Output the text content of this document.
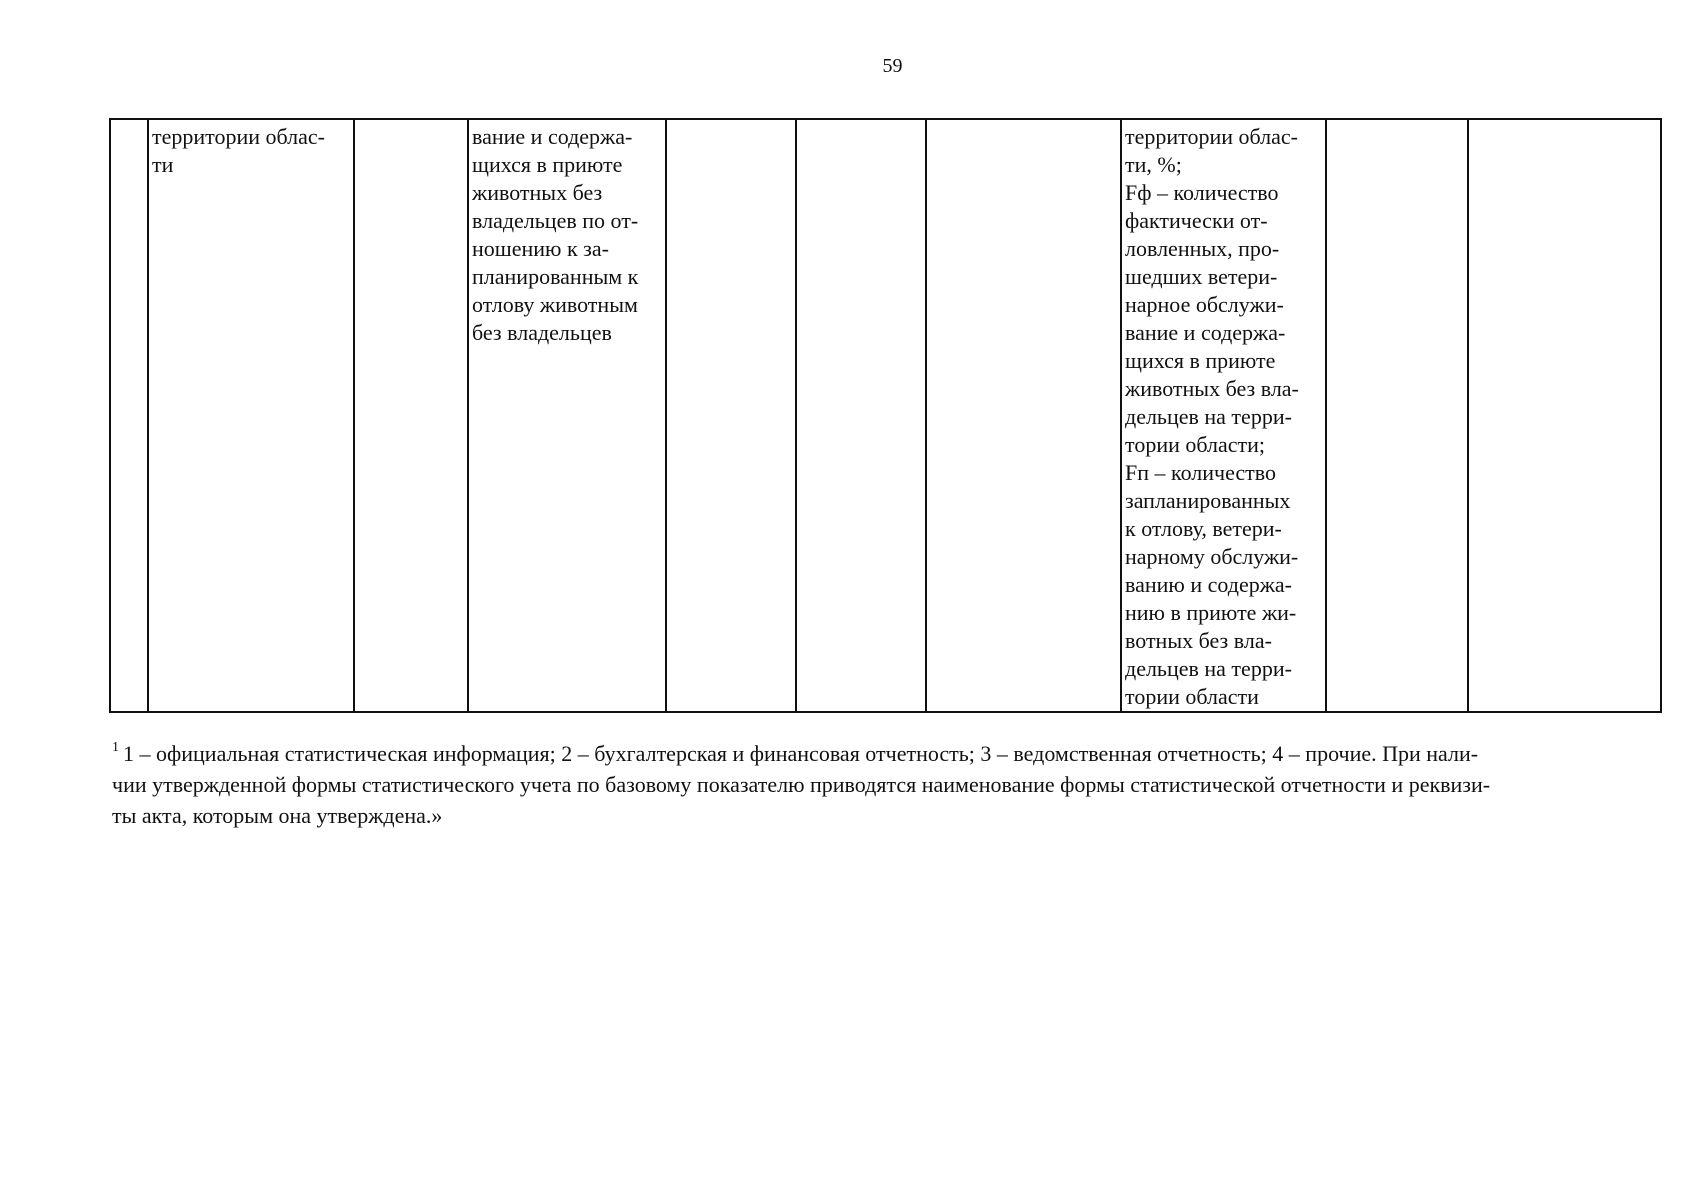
59
	территории облас-
ти		вание и содержа-
щихся в приюте
животных без
владельцев по от-
ношению к за-
планированным к
отлову животным
без владельцев				территории облас-
ти, %;
Fф – количество
фактически от-
ловленных, про-
шедших ветери-
нарное обслужи-
вание и содержа-
щихся в приюте
животных без вла-
дельцев на терри-
тории области;
Fп – количество
запланированных
к отлову, ветери-
нарному обслужи-
ванию и содержа-
нию в приюте жи-
вотных без вла-
дельцев на терри-
тории области		
$^1$ 1 – официальная статистическая информация; 2 – бухгалтерская и финансовая отчетность; 3 – ведомственная отчетность; 4 – прочие. При нали-
чии утвержденной формы статистического учета по базовому показателю приводятся наименование формы статистической отчетности и реквизи-
ты акта, которым она утверждена.»
